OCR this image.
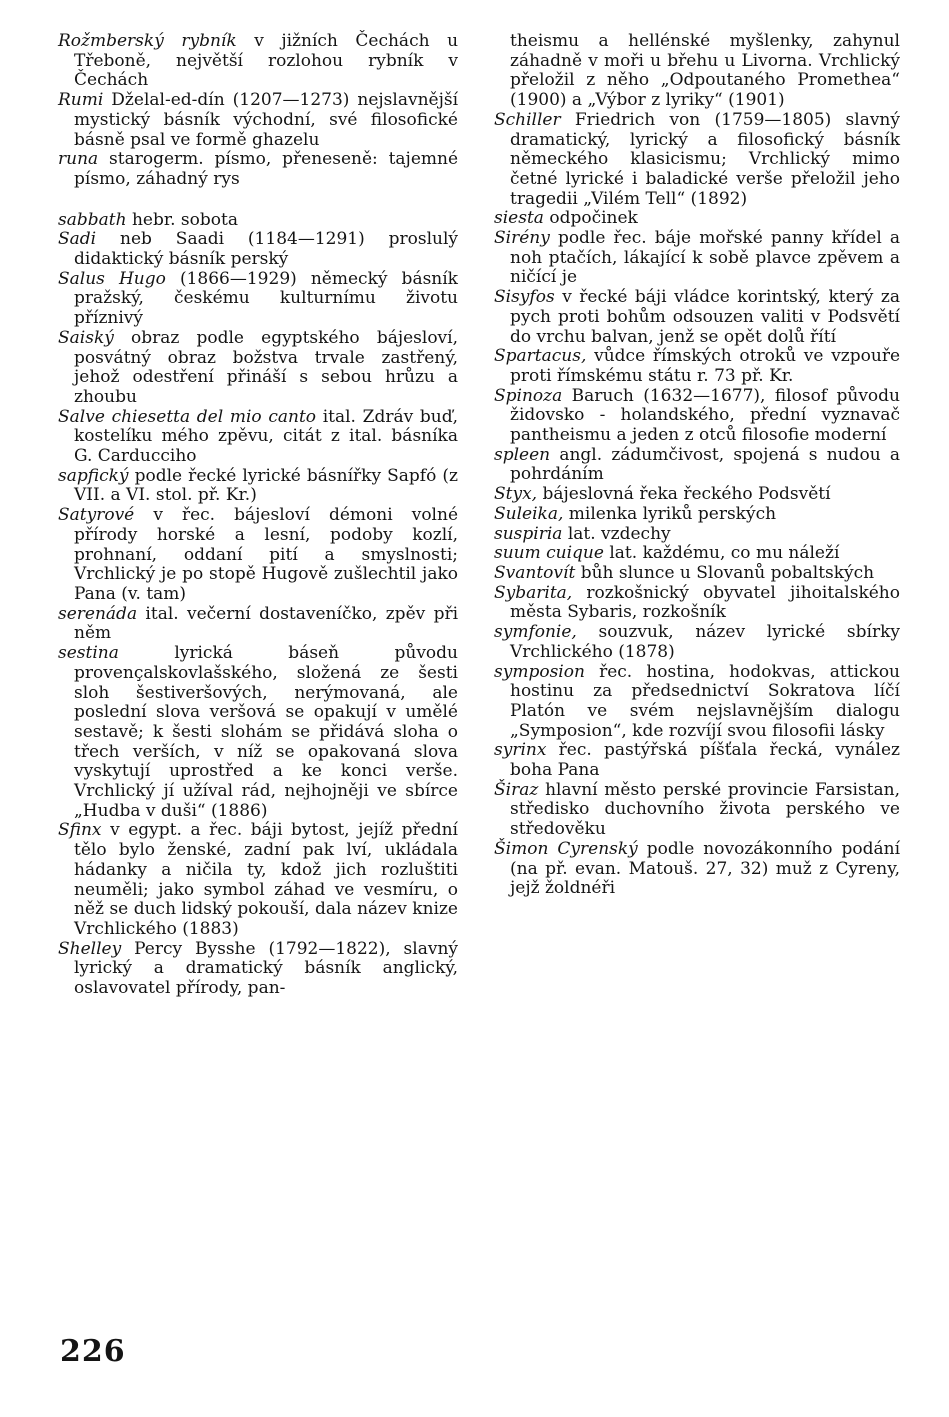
Rožmberský rybník v jižních Čechách u Třeboně, největší rozlohou rybník v Čechách

Rumi Dželal-ed-dín (1207—1273) nejslavnější mystický básník východní, své filosofické básně psal ve formě ghazelu

runa starogerm. písmo, přeneseně: tajemné písmo, záhadný rys

sabbath hebr. sobota

Sadi neb Saadi (1184—1291) proslulý didaktický básník perský

Salus Hugo (1866—1929) německý básník pražský, českému kulturnímu životu příznivý

Saiský obraz podle egyptského bájesloví, posvátný obraz božstva trvale zastřený, jehož odestření přináší s sebou hrůzu a zhoubu

Salve chiesetta del mio canto ital. Zdráv buď, kostelíku mého zpěvu, citát z ital. básníka G. Carducciho

sapfický podle řecké lyrické básnířky Sapfó (z VII. a VI. stol. př. Kr.)

Satyrové v řec. bájesloví démoni volné přírody horské a lesní, podoby kozlí, prohnaní, oddaní pití a smyslnosti; Vrchlický je po stopě Hugově zušlechtil jako Pana (v. tam)

serenáda ital. večerní dostaveníčko, zpěv při něm

sestina	lyrická báseň původu provençalskovlašského, složená ze šesti sloh šestiveršových, nerýmovaná, ale poslední slova veršová se opakují v umělé sestavě; k šesti slohám se přidává sloha o třech verších, v níž se opakovaná slova vyskytují uprostřed a ke konci verše. Vrchlický jí užíval rád, nejhojněji ve sbírce „Hudba v duši“ (1886)

Sfinx v egypt. a řec. báji bytost, jejíž přední tělo bylo ženské, zadní pak lví, ukládala hádanky a ničila ty, kdož jich rozluštiti neuměli; jako symbol záhad ve vesmíru, o něž se duch lidský pokouší, dala název knize Vrchlického (1883)

Shelley Percy Bysshe (1792—1822), slavný lyrický a dramatický básník anglický, oslavovatel přírody, pan-

theismu a hellénské myšlenky, zahynul záhadně v moři u břehu u Livorna. Vrchlický přeložil z něho „Odpoutaného Promethea“ (1900) a „Výbor z lyriky“ (1901)

Schiller Friedrich von (1759—1805) slavný dramatický, lyrický a filosofický básník německého klasicismu; Vrchlický mimo četné lyrické i baladické verše přeložil jeho tragedii „Vilém Tell“ (1892)

siesta odpočinek

Sirény podle řec. báje mořské panny křídel a noh ptačích, lákající k sobě plavce zpěvem a ničící je

Sisyfos v řecké báji vládce korintský, který za pych proti bohům odsouzen valiti v Podsvětí do vrchu balvan, jenž se opět dolů řítí

Spartacus, vůdce římských otroků ve vzpouře proti římskému státu r. 73 př. Kr.

Spinoza Baruch (1632—1677), filosof původu židovsko - holandského, přední vyznavač pantheismu a jeden z otců filosofie moderní

spleen angl. zádumčivost, spojená s nudou a pohrdáním

Styx, bájeslovná řeka řeckého Podsvětí

Suleika, milenka lyriků perských

suspiria lat. vzdechy

suum cuique lat. každému, co mu náleží

Svantovít bůh slunce u Slovanů pobaltských

Sybarita, rozkošnický obyvatel jihoitalského města Sybaris, rozkošník

symfonie, souzvuk, název lyrické sbírky Vrchlického (1878)

symposion řec. hostina, hodokvas, attickou hostinu za předsednictví Sokratova líčí Platón ve svém nejslavnějším dialogu „Symposion“, kde rozvíjí svou filosofii lásky

syrinx řec. pastýřská píšťala řecká, vynález boha Pana

Širaz hlavní město perské provincie Farsistan, středisko duchovního života perského ve středověku

Šimon Cyrenský podle novozákonního podání (na př. evan. Matouš. 27, 32) muž z Cyreny, jejž žoldnéři

226
